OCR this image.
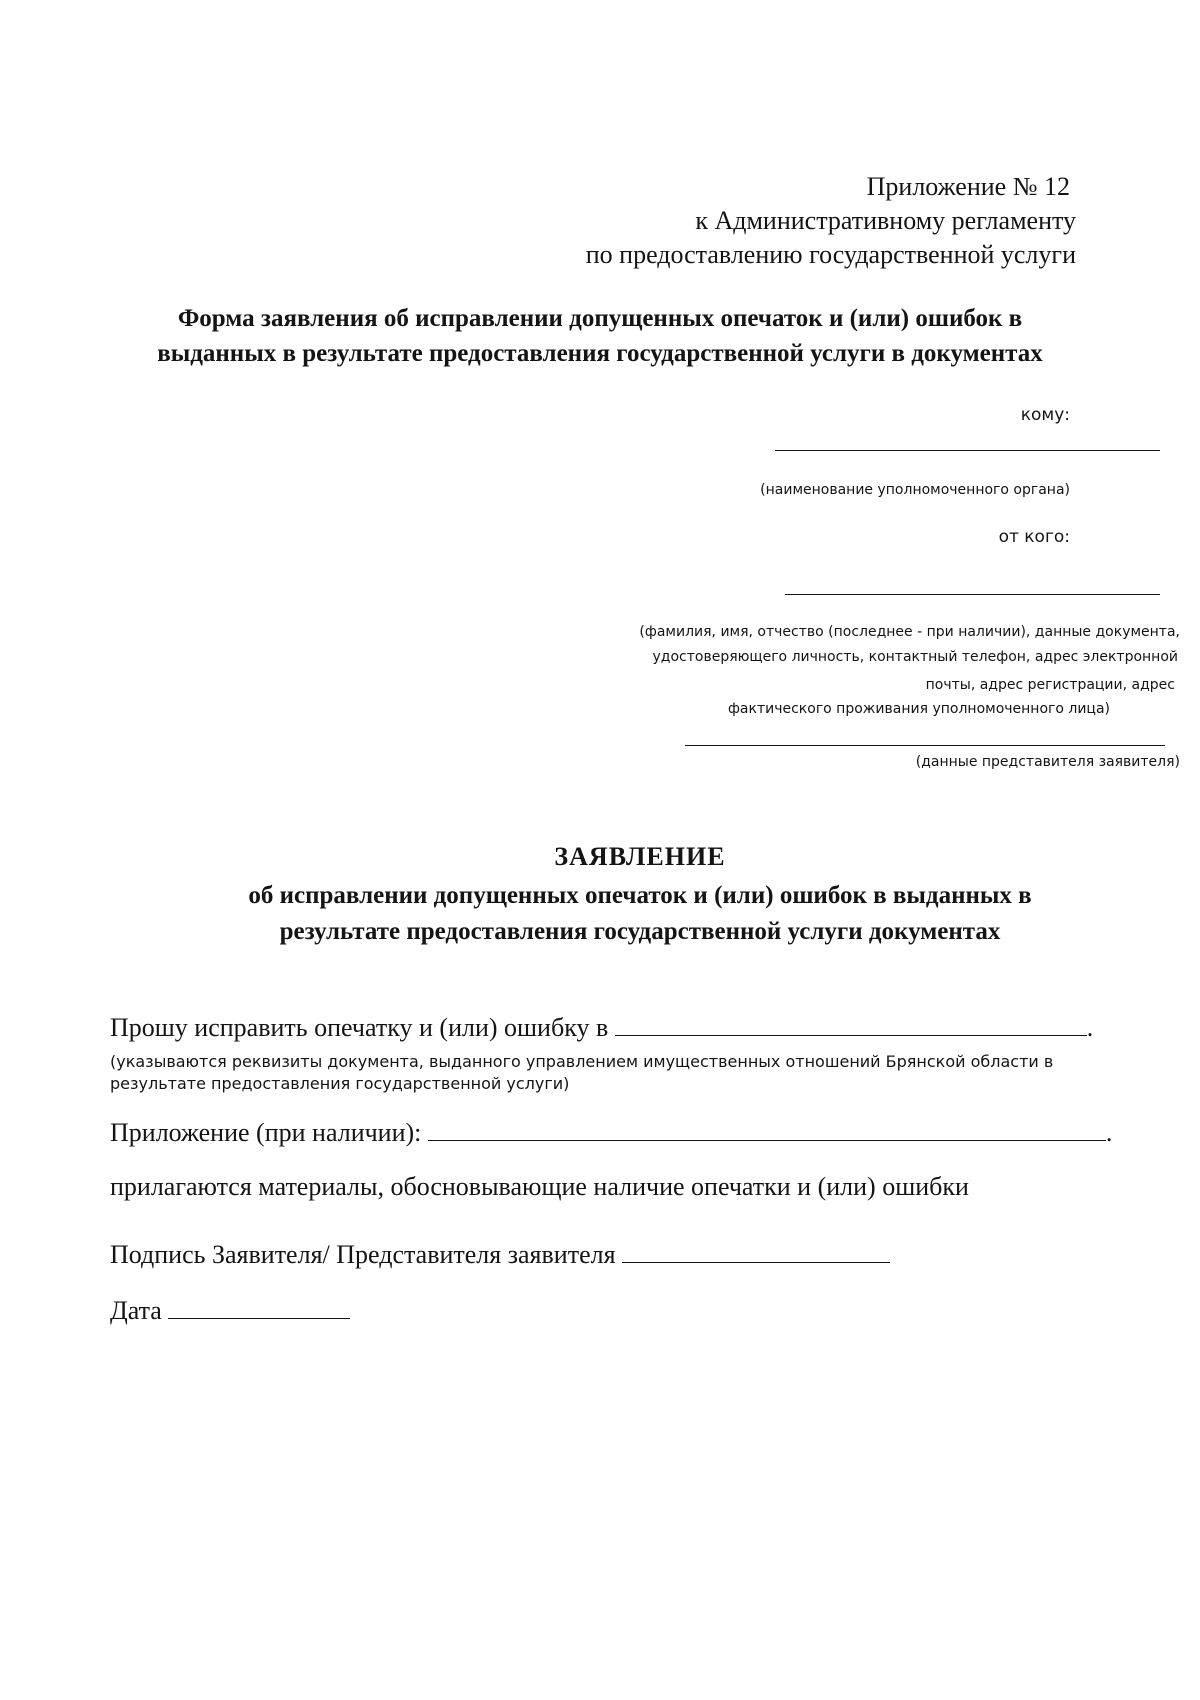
Приложение № 12
к Административному регламенту
по предоставлению государственной услуги
Форма заявления об исправлении допущенных опечаток и (или) ошибок в
выданных в результате предоставления государственной услуги в документах
кому:
(наименование уполномоченного органа)
от кого:
(фамилия, имя, отчество (последнее - при наличии), данные документа,
удостоверяющего личность, контактный телефон, адрес электронной
почты, адрес регистрации, адрес
фактического проживания уполномоченного лица)
(данные представителя заявителя)
ЗАЯВЛЕНИЕ
об исправлении допущенных опечаток и (или) ошибок в выданных в
результате предоставления государственной услуги документах
Прошу исправить опечатку и (или) ошибку в	.
(указываются реквизиты документа, выданного управлением имущественных отношений Брянской области в
результате предоставления государственной услуги)
Приложение (при наличии):	.
прилагаются материалы, обосновывающие наличие опечатки и (или) ошибки
Подпись Заявителя/ Представителя заявителя
Дата
